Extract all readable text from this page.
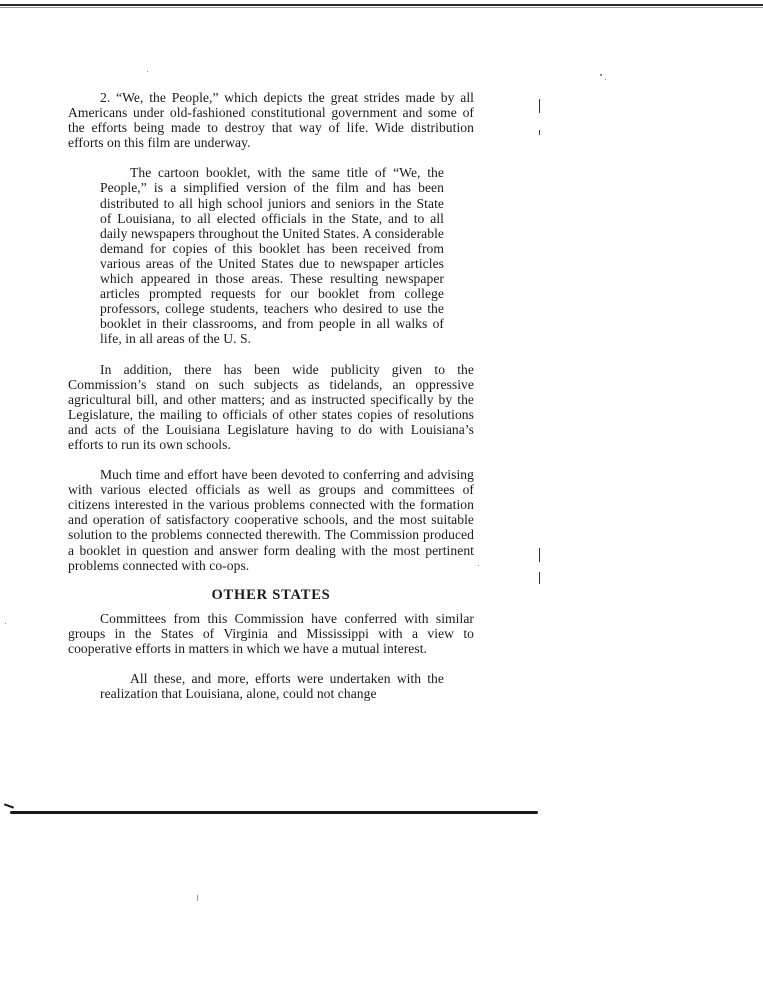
2. “We, the People,” which depicts the great strides made by all Americans under old-fashioned constitutional government and some of the efforts being made to destroy that way of life. Wide distribution efforts on this film are underway.

The cartoon booklet, with the same title of “We, the People,” is a simplified version of the film and has been distributed to all high school juniors and seniors in the State of Louisiana, to all elected officials in the State, and to all daily newspapers throughout the United States. A considerable demand for copies of this booklet has been received from various areas of the United States due to newspaper articles which appeared in those areas. These resulting newspaper articles prompted requests for our booklet from college professors, college students, teachers who desired to use the booklet in their classrooms, and from people in all walks of life, in all areas of the U. S.

In addition, there has been wide publicity given to the Commission’s stand on such subjects as tidelands, an oppressive agricultural bill, and other matters; and as instructed specifically by the Legislature, the mailing to officials of other states copies of resolutions and acts of the Louisiana Legislature having to do with Louisiana’s efforts to run its own schools.

Much time and effort have been devoted to conferring and advising with various elected officials as well as groups and committees of citizens interested in the various problems connected with the formation and operation of satisfactory cooperative schools, and the most suitable solution to the problems connected therewith. The Commission produced a booklet in question and answer form dealing with the most pertinent problems connected with co-ops.

OTHER STATES

Committees from this Commission have conferred with similar groups in the States of Virginia and Mississippi with a view to cooperative efforts in matters in which we have a mutual interest.

All these, and more, efforts were undertaken with the realization that Louisiana, alone, could not change
